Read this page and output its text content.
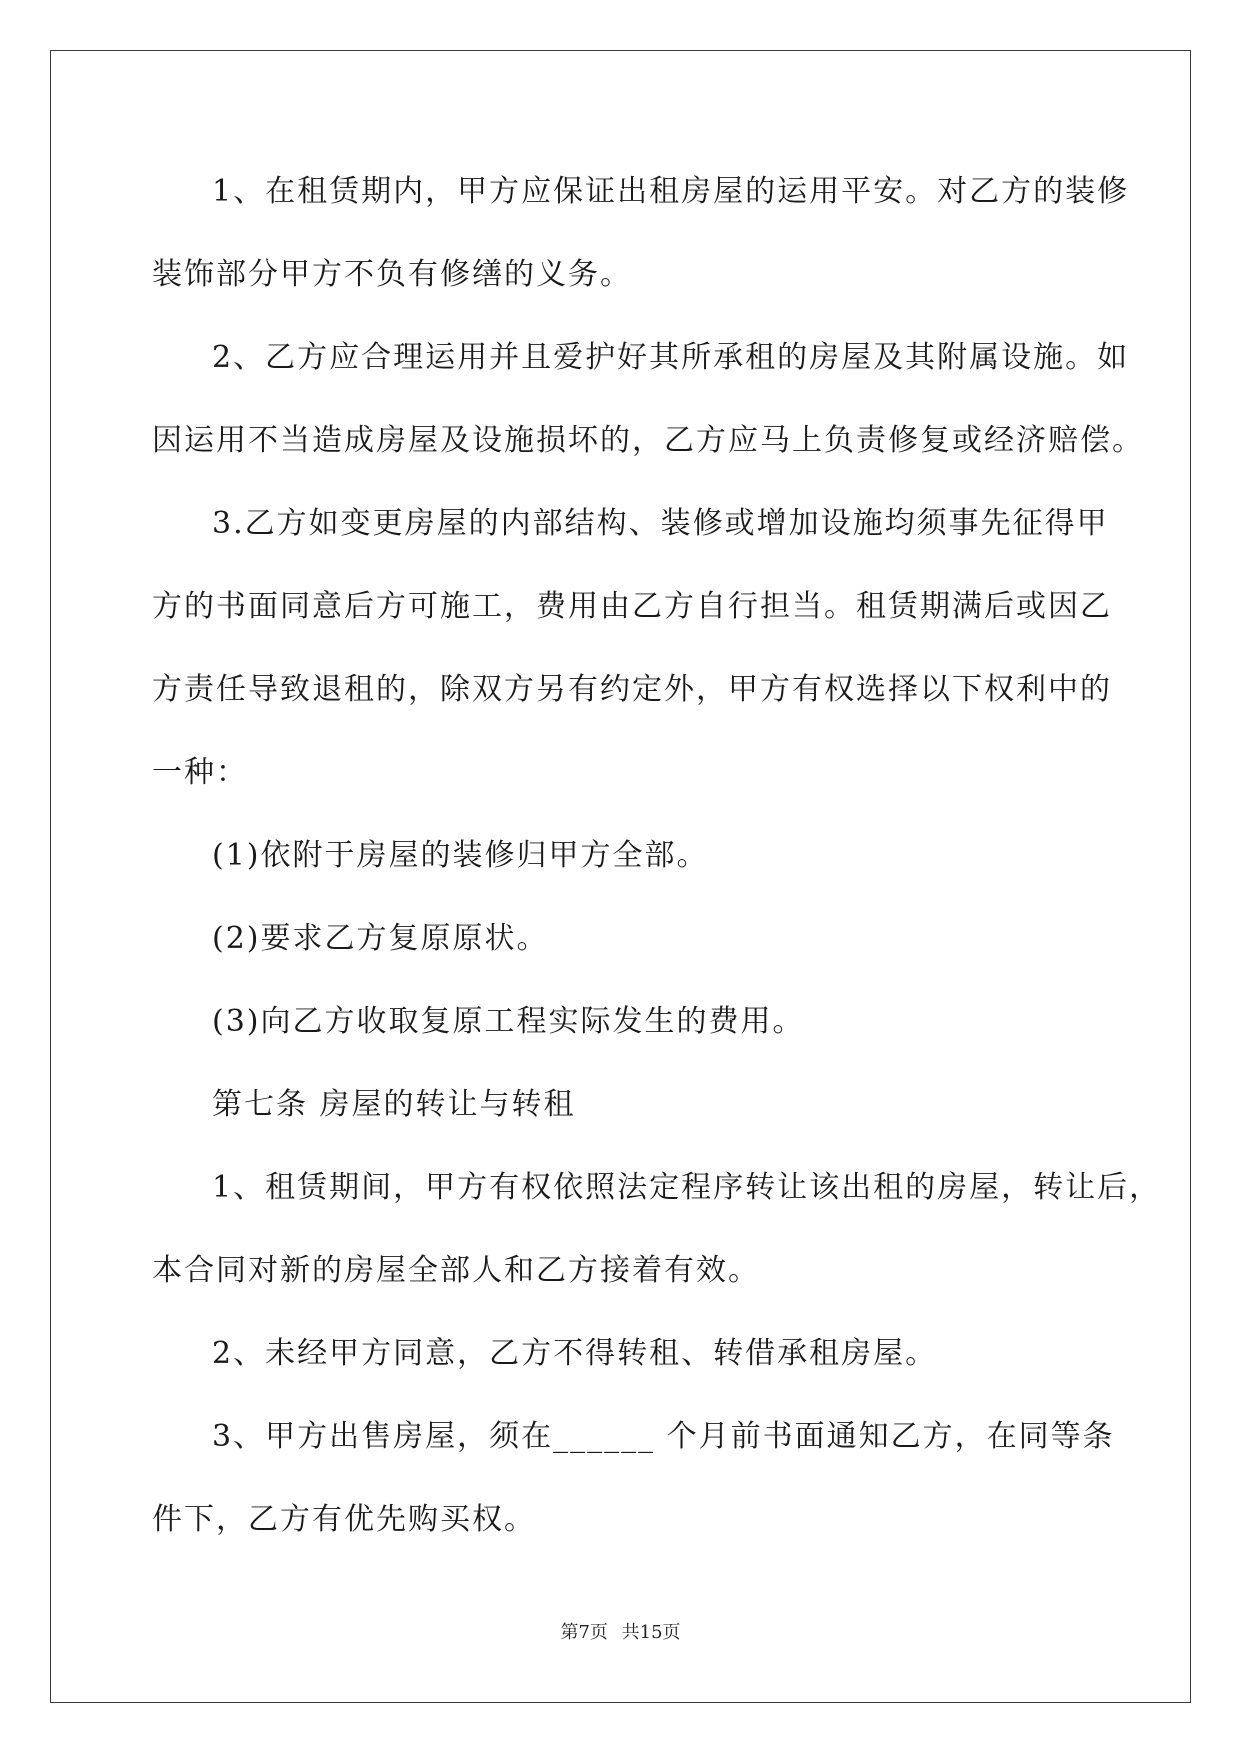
1、在租赁期内，甲方应保证出租房屋的运用平安。对乙方的装修

装饰部分甲方不负有修缮的义务。

2、乙方应合理运用并且爱护好其所承租的房屋及其附属设施。如

因运用不当造成房屋及设施损坏的，乙方应马上负责修复或经济赔偿。

3.乙方如变更房屋的内部结构、装修或增加设施均须事先征得甲

方的书面同意后方可施工，费用由乙方自行担当。租赁期满后或因乙

方责任导致退租的，除双方另有约定外，甲方有权选择以下权利中的

一种：

(1)依附于房屋的装修归甲方全部。

(2)要求乙方复原原状。

(3)向乙方收取复原工程实际发生的费用。

第七条 房屋的转让与转租

1、租赁期间，甲方有权依照法定程序转让该出租的房屋，转让后，

本合同对新的房屋全部人和乙方接着有效。

2、未经甲方同意，乙方不得转租、转借承租房屋。

3、甲方出售房屋，须在______ 个月前书面通知乙方，在同等条

件下，乙方有优先购买权。

第7页 共15页
